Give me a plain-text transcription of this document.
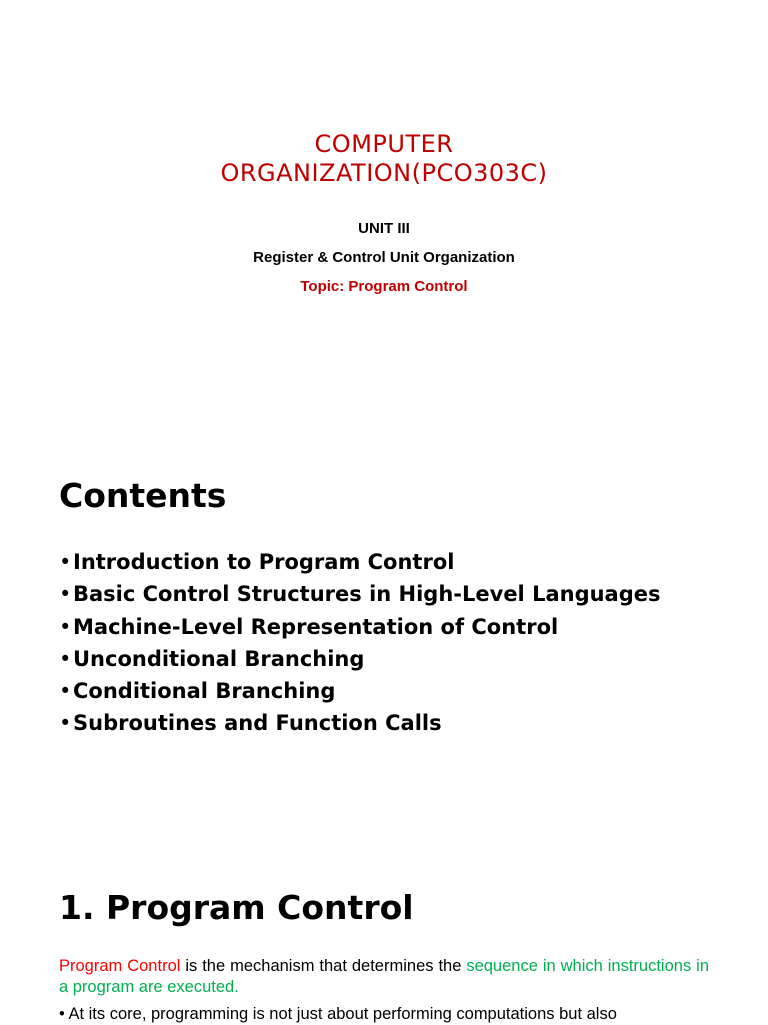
COMPUTER
ORGANIZATION(PCO303C)
UNIT III
Register & Control Unit Organization
Topic: Program Control
Contents
•Introduction to Program Control
•Basic Control Structures in High-Level Languages
•Machine-Level Representation of Control
•Unconditional Branching
•Conditional Branching
•Subroutines and Function Calls
1. Program Control

Program Control is the mechanism that determines the sequence in which instructions in a program are executed.

• At its core, programming is not just about performing computations but also
